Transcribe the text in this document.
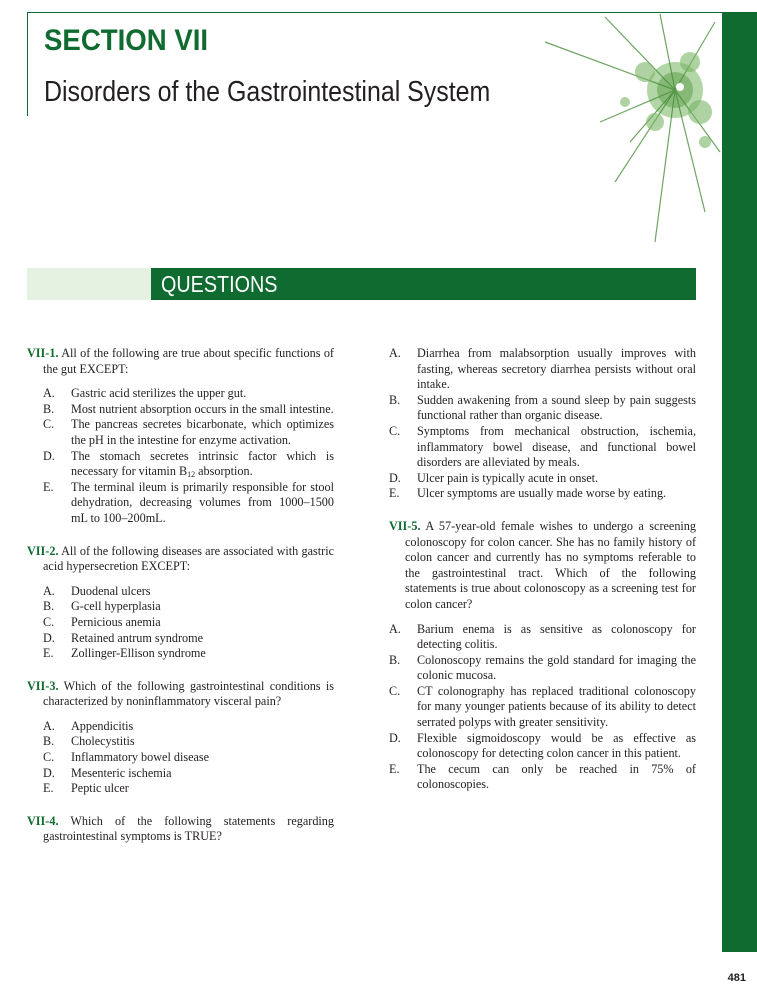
SECTION VII
Disorders of the Gastrointestinal System
QUESTIONS

VII-1. All of the following are true about specific functions of the gut EXCEPT:

A. Gastric acid sterilizes the upper gut.
B. Most nutrient absorption occurs in the small intestine.
C. The pancreas secretes bicarbonate, which optimizes the pH in the intestine for enzyme activation.
D. The stomach secretes intrinsic factor which is necessary for vitamin $B_{12}$ absorption.
E. The terminal ileum is primarily responsible for stool dehydration, decreasing volumes from 1000–1500 mL to 100–200mL.

VII-2. All of the following diseases are associated with gastric acid hypersecretion EXCEPT:

A. Duodenal ulcers
B. G-cell hyperplasia
C. Pernicious anemia
D. Retained antrum syndrome
E. Zollinger-Ellison syndrome

VII-3. Which of the following gastrointestinal conditions is characterized by noninflammatory visceral pain?

A. Appendicitis
B. Cholecystitis
C. Inflammatory bowel disease
D. Mesenteric ischemia
E. Peptic ulcer

VII-4. Which of the following statements regarding gastrointestinal symptoms is TRUE?

A. Diarrhea from malabsorption usually improves with fasting, whereas secretory diarrhea persists without oral intake.
B. Sudden awakening from a sound sleep by pain suggests functional rather than organic disease.
C. Symptoms from mechanical obstruction, ischemia, inflammatory bowel disease, and functional bowel disorders are alleviated by meals.
D. Ulcer pain is typically acute in onset.
E. Ulcer symptoms are usually made worse by eating.

VII-5. A 57-year-old female wishes to undergo a screening colonoscopy for colon cancer. She has no family history of colon cancer and currently has no symptoms referable to the gastrointestinal tract. Which of the following statements is true about colonoscopy as a screening test for colon cancer?

A. Barium enema is as sensitive as colonoscopy for detecting colitis.
B. Colonoscopy remains the gold standard for imaging the colonic mucosa.
C. CT colonography has replaced traditional colonoscopy for many younger patients because of its ability to detect serrated polyps with greater sensitivity.
D. Flexible sigmoidoscopy would be as effective as colonoscopy for detecting colon cancer in this patient.
E. The cecum can only be reached in 75% of colonoscopies.
481
